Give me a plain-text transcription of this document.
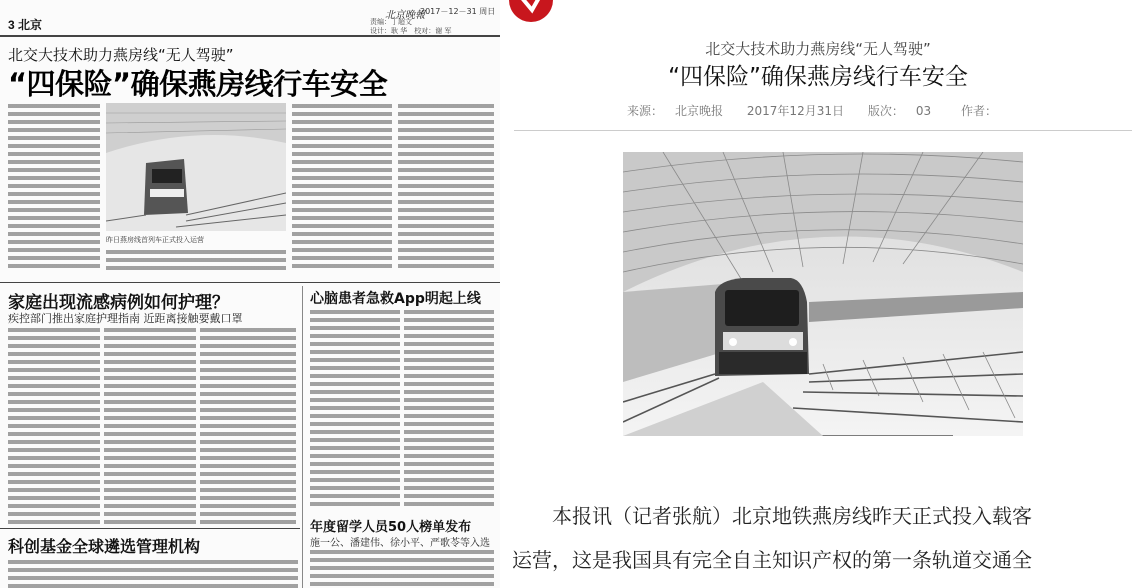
3 北京
北京晚報
2017－12－31 周日
责编：丁超文
设计：耿 华　校对：谢 军
北交大技术助力燕房线“无人驾驶”
“四保险”确保燕房线行车安全
昨日燕房线首列车正式投入运营
家庭出现流感病例如何护理？
疾控部门推出家庭护理指南 近距离接触要戴口罩
心脑患者急救App明起上线
年度留学人员50人榜单发布
施一公、潘建伟、徐小平、严歌苓等入选
科创基金全球遴选管理机构
北交大技术助力燕房线“无人驾驶”
“四保险”确保燕房线行车安全
来源： 北京晚报 2017年12月31日 版次： 03 作者：
本报讯（记者张航）北京地铁燕房线昨天正式投入载客
运营，这是我国具有完全自主知识产权的第一条轨道交通全
